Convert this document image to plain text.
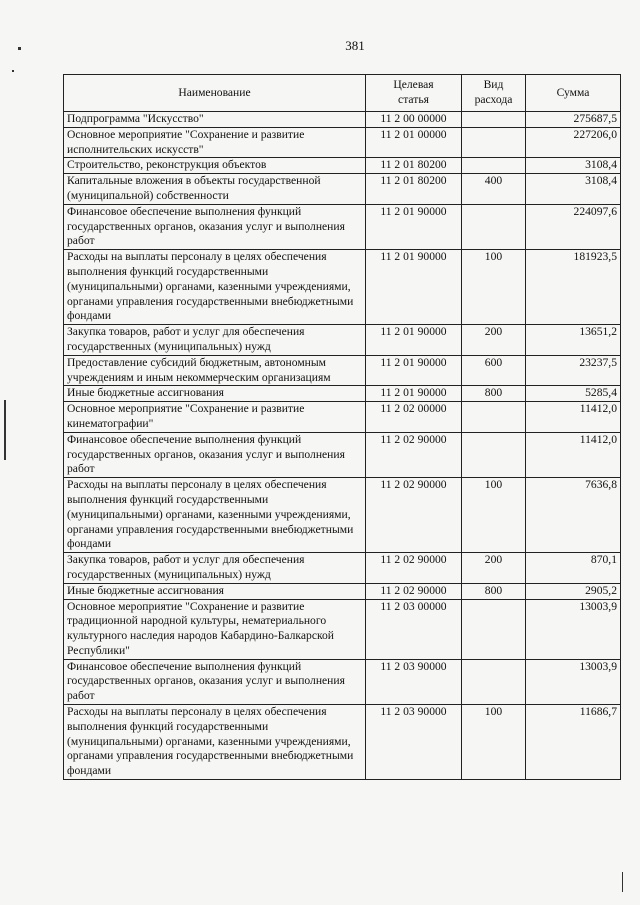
381
Наименование	Целевая
статья	Вид
расхода	Сумма
Подпрограмма "Искусство"	11 2 00 00000		275687,5
Основное мероприятие "Сохранение и развитие исполнительских искусств"	11 2 01 00000		227206,0
Строительство, реконструкция объектов	11 2 01 80200		3108,4
Капитальные вложения в объекты государственной (муниципальной) собственности	11 2 01 80200	400	3108,4
Финансовое обеспечение выполнения функций государственных органов, оказания услуг и выполнения работ	11 2 01 90000		224097,6
Расходы на выплаты персоналу в целях обеспечения выполнения функций государственными (муниципальными) органами, казенными учреждениями, органами управления государственными внебюджетными фондами	11 2 01 90000	100	181923,5
Закупка товаров, работ и услуг для обеспечения государственных (муниципальных) нужд	11 2 01 90000	200	13651,2
Предоставление субсидий бюджетным, автономным учреждениям и иным некоммерческим организациям	11 2 01 90000	600	23237,5
Иные бюджетные ассигнования	11 2 01 90000	800	5285,4
Основное мероприятие "Сохранение и развитие кинематографии"	11 2 02 00000		11412,0
Финансовое обеспечение выполнения функций государственных органов, оказания услуг и выполнения работ	11 2 02 90000		11412,0
Расходы на выплаты персоналу в целях обеспечения выполнения функций государственными (муниципальными) органами, казенными учреждениями, органами управления государственными внебюджетными фондами	11 2 02 90000	100	7636,8
Закупка товаров, работ и услуг для обеспечения государственных (муниципальных) нужд	11 2 02 90000	200	870,1
Иные бюджетные ассигнования	11 2 02 90000	800	2905,2
Основное мероприятие "Сохранение и развитие традиционной народной культуры, нематериального культурного наследия народов Кабардино-Балкарской Республики"	11 2 03 00000		13003,9
Финансовое обеспечение выполнения функций государственных органов, оказания услуг и выполнения работ	11 2 03 90000		13003,9
Расходы на выплаты персоналу в целях обеспечения выполнения функций государственными (муниципальными) органами, казенными учреждениями, органами управления государственными внебюджетными фондами	11 2 03 90000	100	11686,7
